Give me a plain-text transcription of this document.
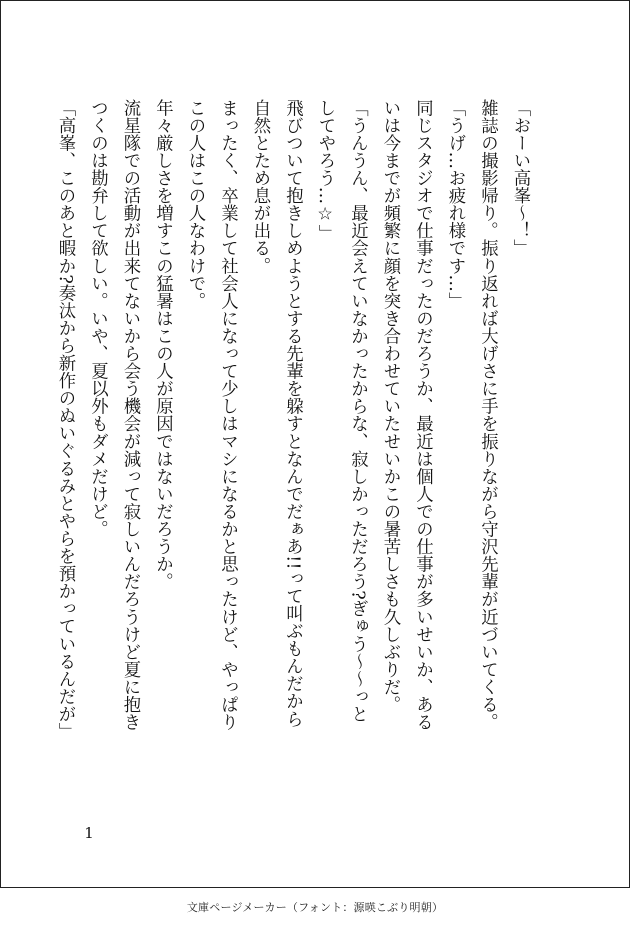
「おーい高峯〜！」
雑誌の撮影帰り。振り返れば大げさに手を振りながら守沢先輩が近づいてくる。
「うげ…お疲れ様です…」
同じスタジオで仕事だったのだろうか、最近は個人での仕事が多いせいか、ある
いは今までが頻繁に顔を突き合わせていたせいかこの暑苦しさも久しぶりだ。
「うんうん、最近会えていなかったからな、寂しかっただろう?ぎゅう〜〜っと
してやろう…☆」
飛びついて抱きしめようとする先輩を躱すとなんでだぁあ!!って叫ぶもんだから
自然とため息が出る。
まったく、卒業して社会人になって少しはマシになるかと思ったけど、やっぱり
この人はこの人なわけで。
年々厳しさを増すこの猛暑はこの人が原因ではないだろうか。
流星隊での活動が出来てないから会う機会が減って寂しいんだろうけど夏に抱き
つくのは勘弁して欲しい。いや、夏以外もダメだけど。
「高峯、このあと暇か?奏汰から新作のぬいぐるみとやらを預かっているんだが」
1
文庫ページメーカー（フォント：源暎こぶり明朝）
